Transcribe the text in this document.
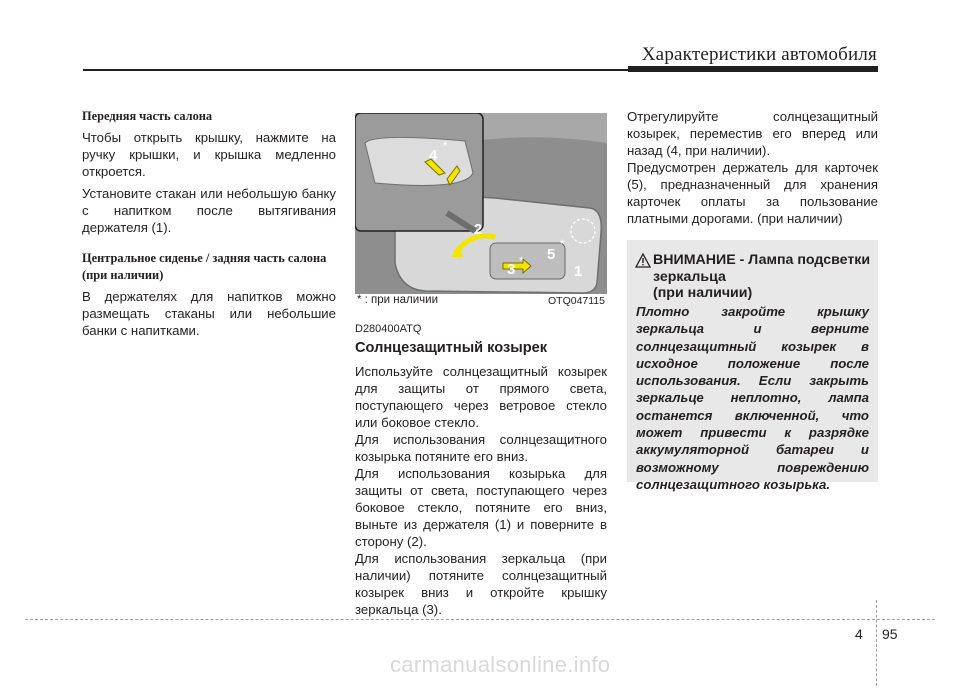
Характеристики автомобиля
Передняя часть салона
Чтобы открыть крышку, нажмите на ручку крышки, и крышка медленно откроется.
Установите стакан или небольшую банку с напитком после вытягивания держателя (1).
Центральное сиденье / задняя часть салона (при наличии)
В держателях для напитков можно размещать стаканы или небольшие банки с напитками.
4 *
2
5
*
3 *
1
* : при наличии	OTQ047115
D280400ATQ
Солнцезащитный козырек
Используйте солнцезащитный козырек для защиты от прямого света, поступающего через ветровое стекло или боковое стекло.
Для использования солнцезащитного козырька потяните его вниз.
Для использования козырька для защиты от света, поступающего через боковое стекло, потяните его вниз, выньте из держателя (1) и поверните в сторону (2).
Для использования зеркальца (при наличии) потяните солнцезащитный козырек вниз и откройте крышку зеркальца (3).
Отрегулируйте солнцезащитный козырек, переместив его вперед или назад (4, при наличии).
Предусмотрен держатель для карточек (5), предназначенный для хранения карточек оплаты за пользование платными дорогами. (при наличии)
ВНИМАНИЕ - Лампа подсветки зеркальца
(при наличии)
Плотно закройте крышку зеркальца и верните солнцезащитный козырек в исходное положение после использования. Если закрыть зеркальце неплотно, лампа останется включенной, что может привести к разрядке аккумуляторной батареи и возможному повреждению солнцезащитного козырька.
4 95
carmanualsonline.info
